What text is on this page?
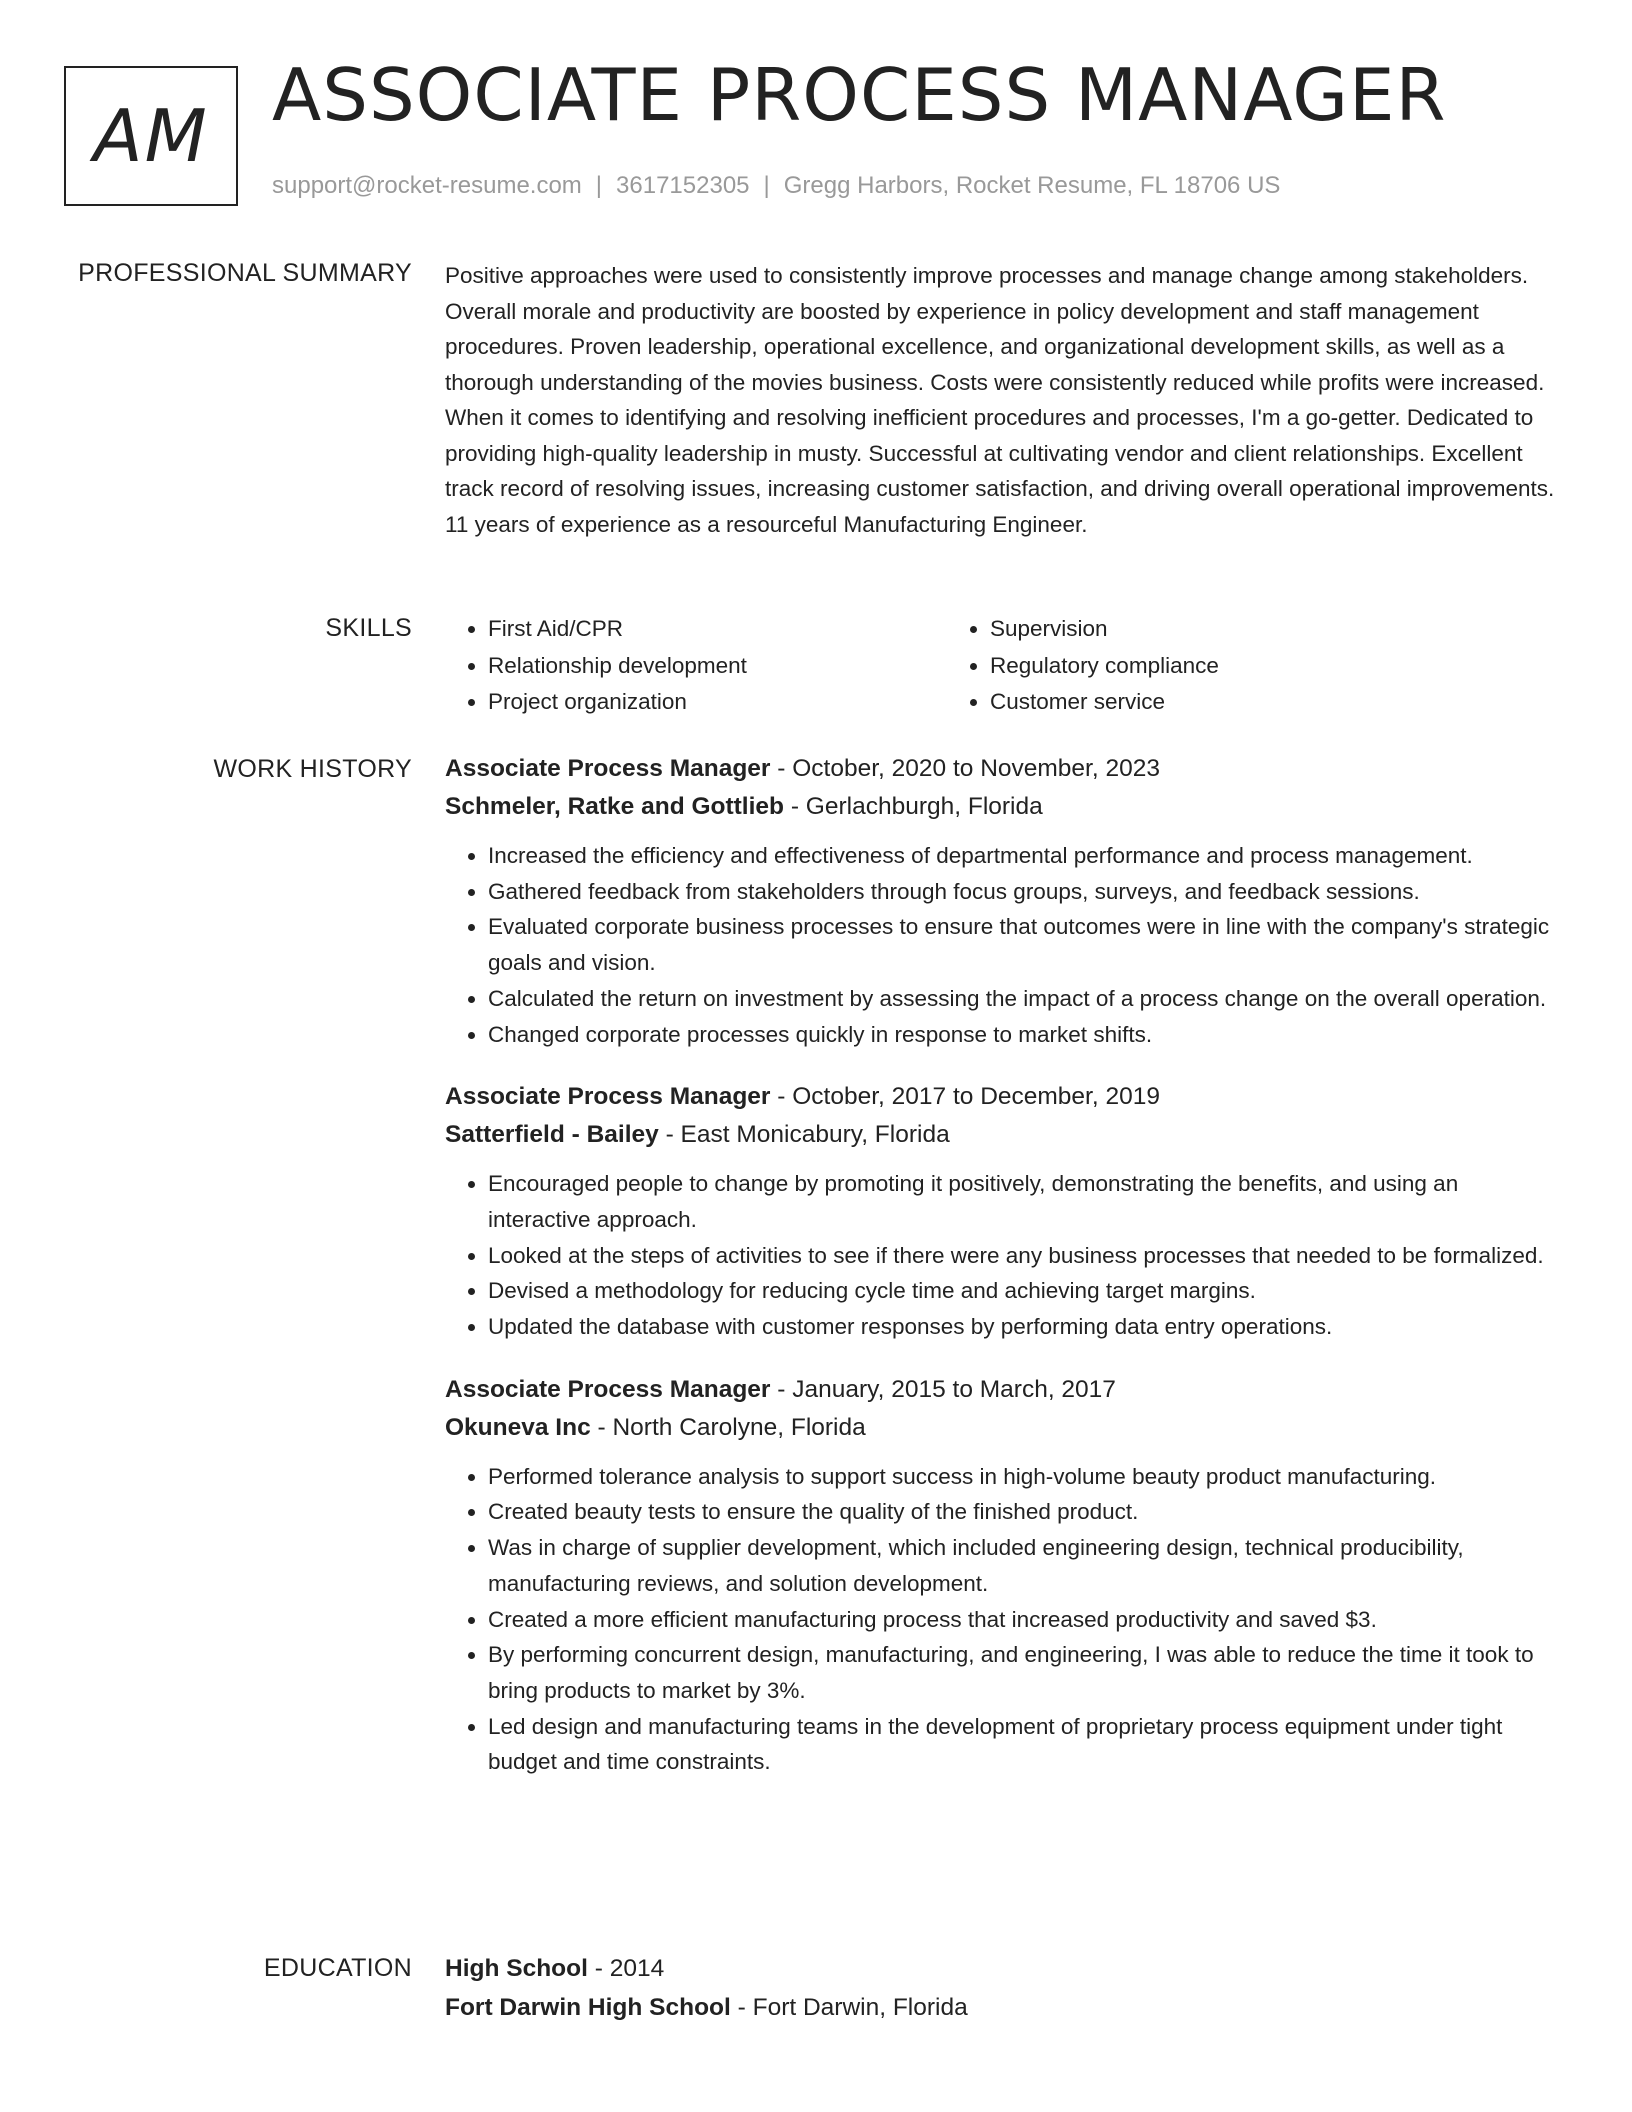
AM ASSOCIATE PROCESS MANAGER
support@rocket-resume.com | 3617152305 | Gregg Harbors, Rocket Resume, FL 18706 US
PROFESSIONAL SUMMARY Positive approaches were used to consistently improve processes and manage change among stakeholders. Overall morale and productivity are boosted by experience in policy development and staff management procedures. Proven leadership, operational excellence, and organizational development skills, as well as a thorough understanding of the movies business. Costs were consistently reduced while profits were increased. When it comes to identifying and resolving inefficient procedures and processes, I'm a go-getter. Dedicated to providing high-quality leadership in musty. Successful at cultivating vendor and client relationships. Excellent track record of resolving issues, increasing customer satisfaction, and driving overall operational improvements. 11 years of experience as a resourceful Manufacturing Engineer.

SKILLS
•	First Aid/CPR
• Relationship development
• Project organization
• Supervision
• Regulatory compliance
• Customer service
WORK HISTORY Associate Process Manager - October, 2020 to November, 2023
Schmeler, Ratke and Gottlieb - Gerlachburgh, Florida
• Increased the efficiency and effectiveness of departmental performance and process management.
• Gathered feedback from stakeholders through focus groups, surveys, and feedback sessions.
• Evaluated corporate business processes to ensure that outcomes were in line with the company's strategic goals and vision.
• Calculated the return on investment by assessing the impact of a process change on the overall operation.
• Changed corporate processes quickly in response to market shifts.
Associate Process Manager - October, 2017 to December, 2019
Satterfield - Bailey - East Monicabury, Florida
• Encouraged people to change by promoting it positively, demonstrating the benefits, and using an interactive approach.
• Looked at the steps of activities to see if there were any business processes that needed to be formalized.
• Devised a methodology for reducing cycle time and achieving target margins.
• Updated the database with customer responses by performing data entry operations.
Associate Process Manager - January, 2015 to March, 2017
Okuneva Inc - North Carolyne, Florida
• Performed tolerance analysis to support success in high-volume beauty product manufacturing.
• Created beauty tests to ensure the quality of the finished product.
• Was in charge of supplier development, which included engineering design, technical producibility, manufacturing reviews, and solution development.
• Created a more efficient manufacturing process that increased productivity and saved $3.
• By performing concurrent design, manufacturing, and engineering, I was able to reduce the time it took to bring products to market by 3%.
• Led design and manufacturing teams in the development of proprietary process equipment under tight budget and time constraints.
EDUCATION High School - 2014
Fort Darwin High School - Fort Darwin, Florida
